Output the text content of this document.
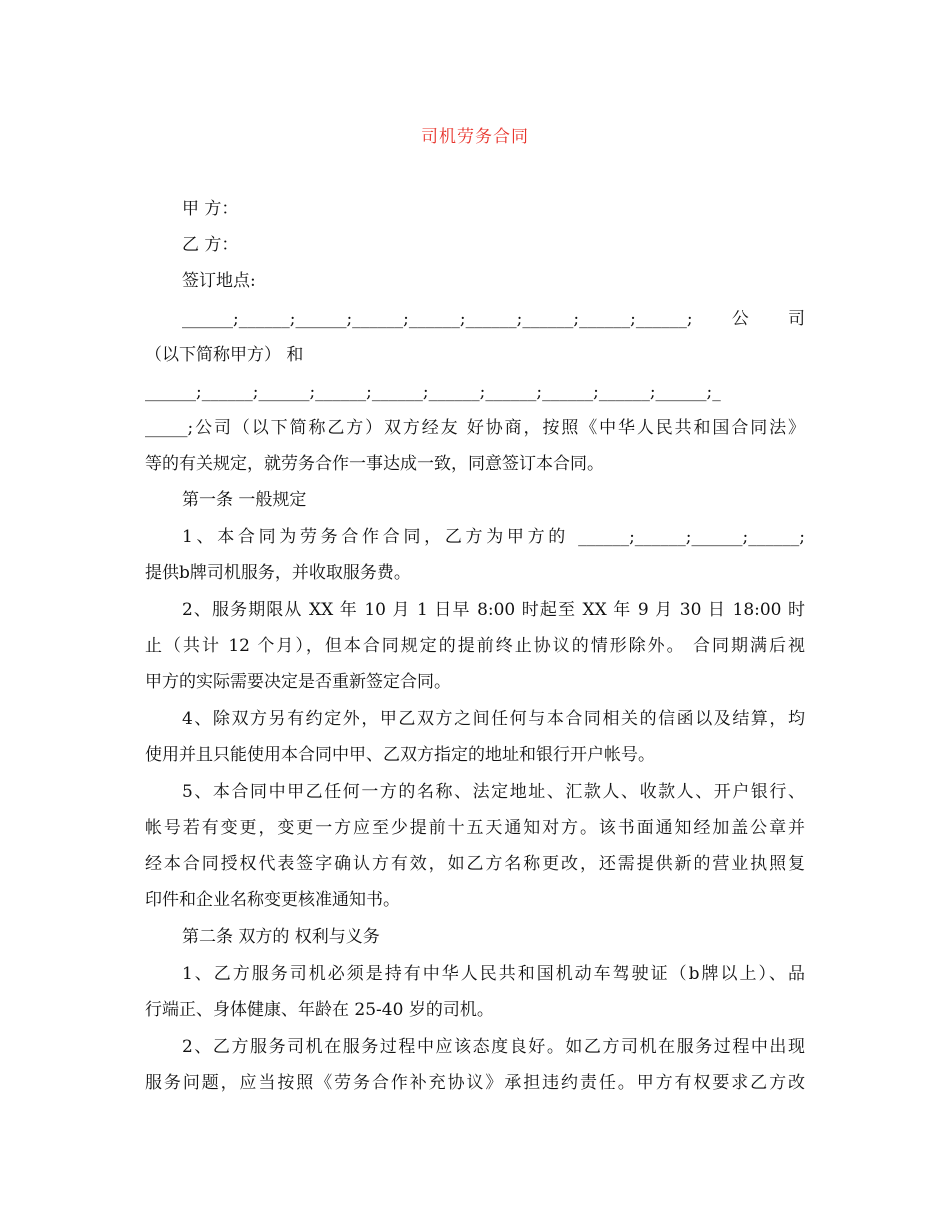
司机劳务合同
甲 方：
乙 方：
签订地点:
______;______;______;______;______;______;______;______;______;公司
（以下简称甲方） 和
______;______;______;______;______;______;______;______;______;______;_
_____;公司（以下简称乙方）双方经友 好协商，按照《中华人民共和国合同法》
等的有关规定，就劳务合作一事达成一致，同意签订本合同。
第一条 一般规定
1、本合同为劳务合作合同，乙方为甲方的 ______;______;______;______;
提供b牌司机服务，并收取服务费。
2、服务期限从 XX 年 10 月 1 日早 8:00 时起至 XX 年 9 月 30 日 18:00 时
止（共计 12 个月），但本合同规定的提前终止协议的情形除外。 合同期满后视
甲方的实际需要决定是否重新签定合同。
4、除双方另有约定外，甲乙双方之间任何与本合同相关的信函以及结算，均
使用并且只能使用本合同中甲、乙双方指定的地址和银行开户帐号。
5、本合同中甲乙任何一方的名称、法定地址、汇款人、收款人、开户银行、
帐号若有变更，变更一方应至少提前十五天通知对方。该书面通知经加盖公章并
经本合同授权代表签字确认方有效，如乙方名称更改，还需提供新的营业执照复
印件和企业名称变更核准通知书。
第二条 双方的 权利与义务
1、乙方服务司机必须是持有中华人民共和国机动车驾驶证（b牌以上）、品
行端正、身体健康、年龄在 25-40 岁的司机。
2、乙方服务司机在服务过程中应该态度良好。如乙方司机在服务过程中出现
服务问题，应当按照《劳务合作补充协议》承担违约责任。甲方有权要求乙方改
